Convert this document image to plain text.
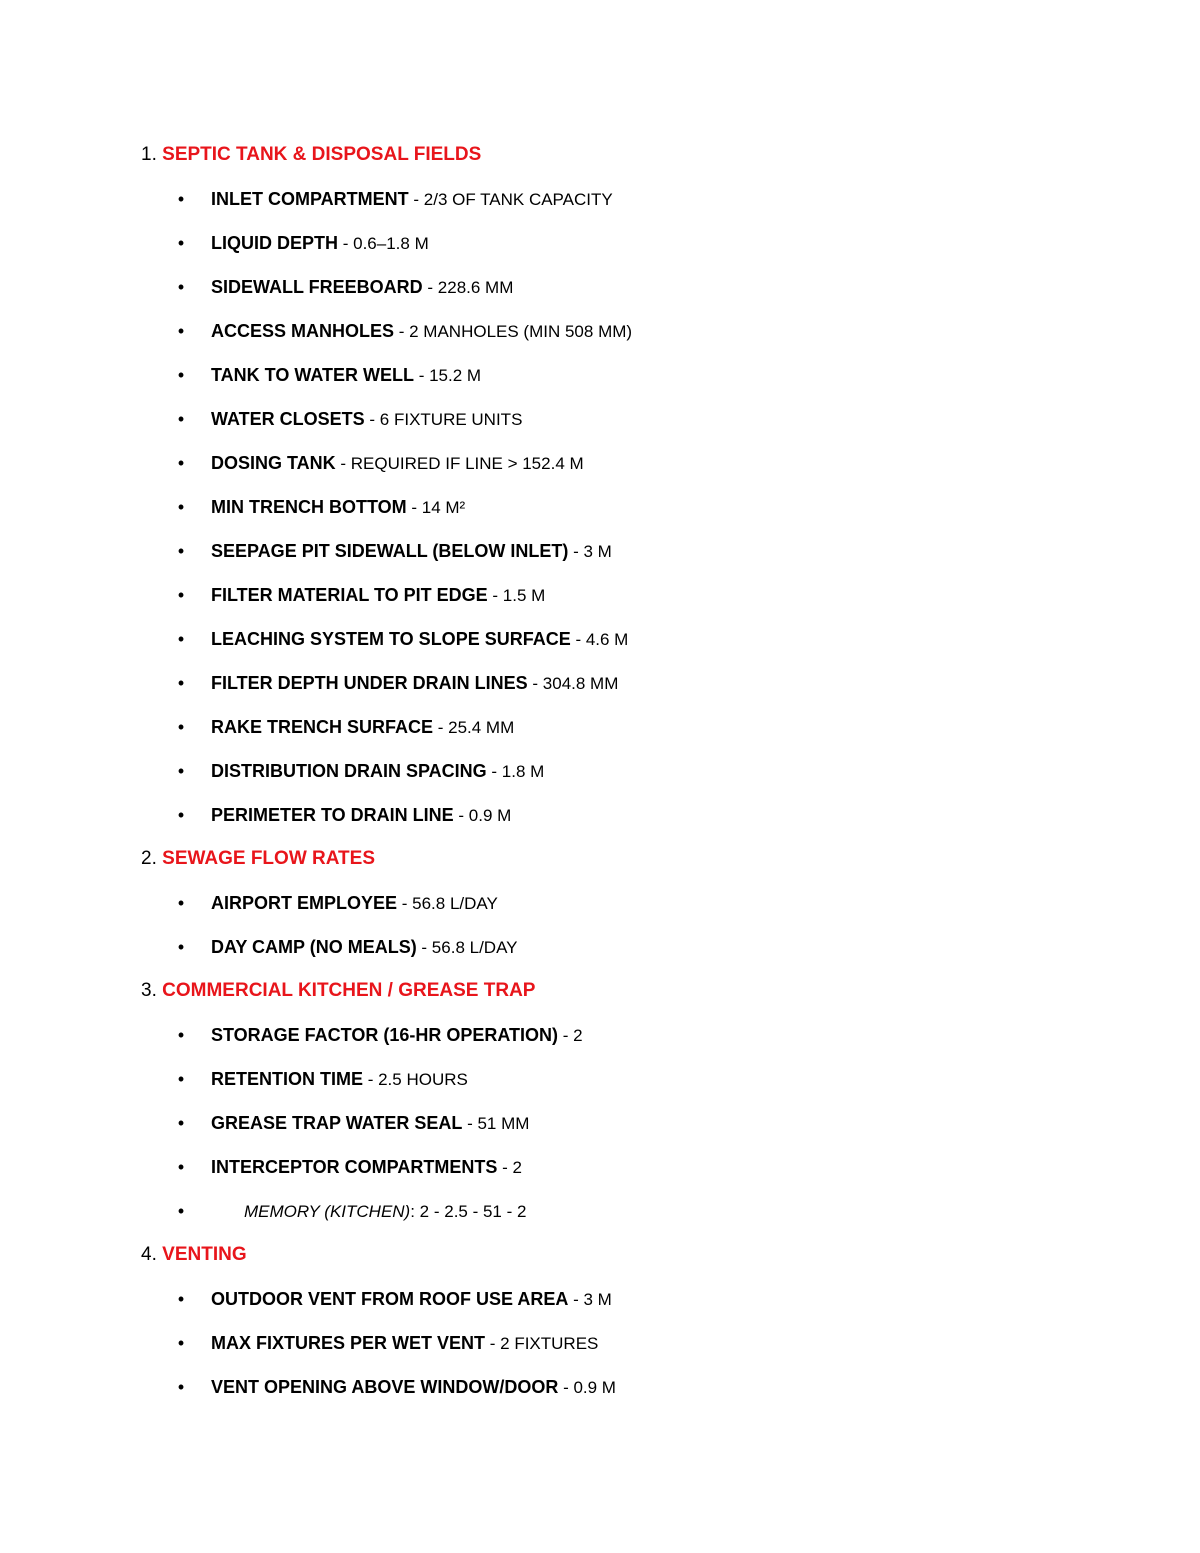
1. SEPTIC TANK & DISPOSAL FIELDS
• INLET COMPARTMENT - 2/3 OF TANK CAPACITY
• LIQUID DEPTH - 0.6–1.8 M
• SIDEWALL FREEBOARD - 228.6 MM
• ACCESS MANHOLES - 2 MANHOLES (MIN 508 MM)
• TANK TO WATER WELL - 15.2 M
• WATER CLOSETS - 6 FIXTURE UNITS
• DOSING TANK - REQUIRED IF LINE > 152.4 M
• MIN TRENCH BOTTOM - 14 M²
• SEEPAGE PIT SIDEWALL (BELOW INLET) - 3 M
• FILTER MATERIAL TO PIT EDGE - 1.5 M
• LEACHING SYSTEM TO SLOPE SURFACE - 4.6 M
• FILTER DEPTH UNDER DRAIN LINES - 304.8 MM
• RAKE TRENCH SURFACE - 25.4 MM
• DISTRIBUTION DRAIN SPACING - 1.8 M
• PERIMETER TO DRAIN LINE - 0.9 M
2. SEWAGE FLOW RATES
• AIRPORT EMPLOYEE - 56.8 L/DAY
• DAY CAMP (NO MEALS) - 56.8 L/DAY
3. COMMERCIAL KITCHEN / GREASE TRAP
• STORAGE FACTOR (16-HR OPERATION) - 2
• RETENTION TIME - 2.5 HOURS
• GREASE TRAP WATER SEAL - 51 MM
• INTERCEPTOR COMPARTMENTS - 2
•	MEMORY (KITCHEN): 2 - 2.5 - 51 - 2
4. VENTING
• OUTDOOR VENT FROM ROOF USE AREA - 3 M
• MAX FIXTURES PER WET VENT - 2 FIXTURES
• VENT OPENING ABOVE WINDOW/DOOR - 0.9 M
